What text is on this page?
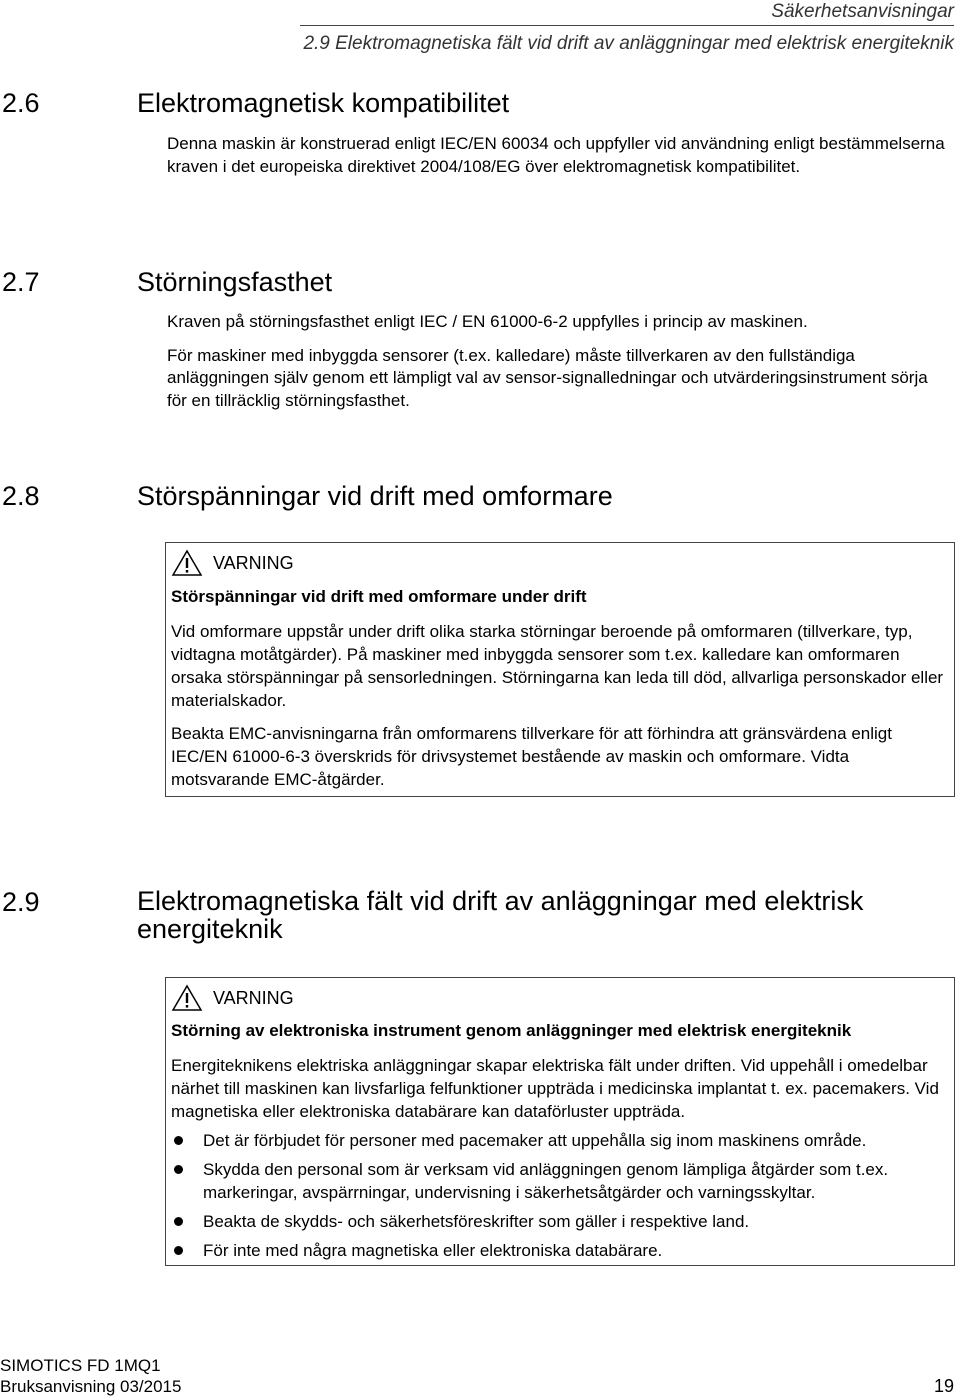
Säkerhetsanvisningar
2.9 Elektromagnetiska fält vid drift av anläggningar med elektrisk energiteknik
2.6	Elektromagnetisk kompatibilitet

Denna maskin är konstruerad enligt IEC/EN 60034 och uppfyller vid användning enligt bestämmelserna kraven i det europeiska direktivet 2004/108/EG över elektromagnetisk kompatibilitet.

2.7	Störningsfasthet

Kraven på störningsfasthet enligt IEC / EN 61000-6-2 uppfylles i princip av maskinen.

För maskiner med inbyggda sensorer (t.ex. kalledare) måste tillverkaren av den fullständiga anläggningen själv genom ett lämpligt val av sensor-signalledningar och utvärderingsinstrument sörja för en tillräcklig störningsfasthet.

2.8	Störspänningar vid drift med omformare
VARNING
Störspänningar vid drift med omformare under drift

Vid omformare uppstår under drift olika starka störningar beroende på omformaren (tillverkare, typ, vidtagna motåtgärder). På maskiner med inbyggda sensorer som t.ex. kalledare kan omformaren orsaka störspänningar på sensorledningen. Störningarna kan leda till död, allvarliga personskador eller materialskador.

Beakta EMC-anvisningarna från omformarens tillverkare för att förhindra att gränsvärdena enligt IEC/EN 61000-6-3 överskrids för drivsystemet bestående av maskin och omformare. Vidta motsvarande EMC-åtgärder.

2.9	Elektromagnetiska fält vid drift av anläggningar med elektrisk energiteknik
VARNING
Störning av elektroniska instrument genom anläggninger med elektrisk energiteknik

Energiteknikens elektriska anläggningar skapar elektriska fält under driften. Vid uppehåll i omedelbar närhet till maskinen kan livsfarliga felfunktioner uppträda i medicinska implantat t. ex. pacemakers. Vid magnetiska eller elektroniska databärare kan dataförluster uppträda.

Det är förbjudet för personer med pacemaker att uppehålla sig inom maskinens område.
Skydda den personal som är verksam vid anläggningen genom lämpliga åtgärder som t.ex. markeringar, avspärrningar, undervisning i säkerhetsåtgärder och varningsskyltar.
Beakta de skydds- och säkerhetsföreskrifter som gäller i respektive land.
För inte med några magnetiska eller elektroniska databärare.
SIMOTICS FD 1MQ1
Bruksanvisning 03/2015	19
